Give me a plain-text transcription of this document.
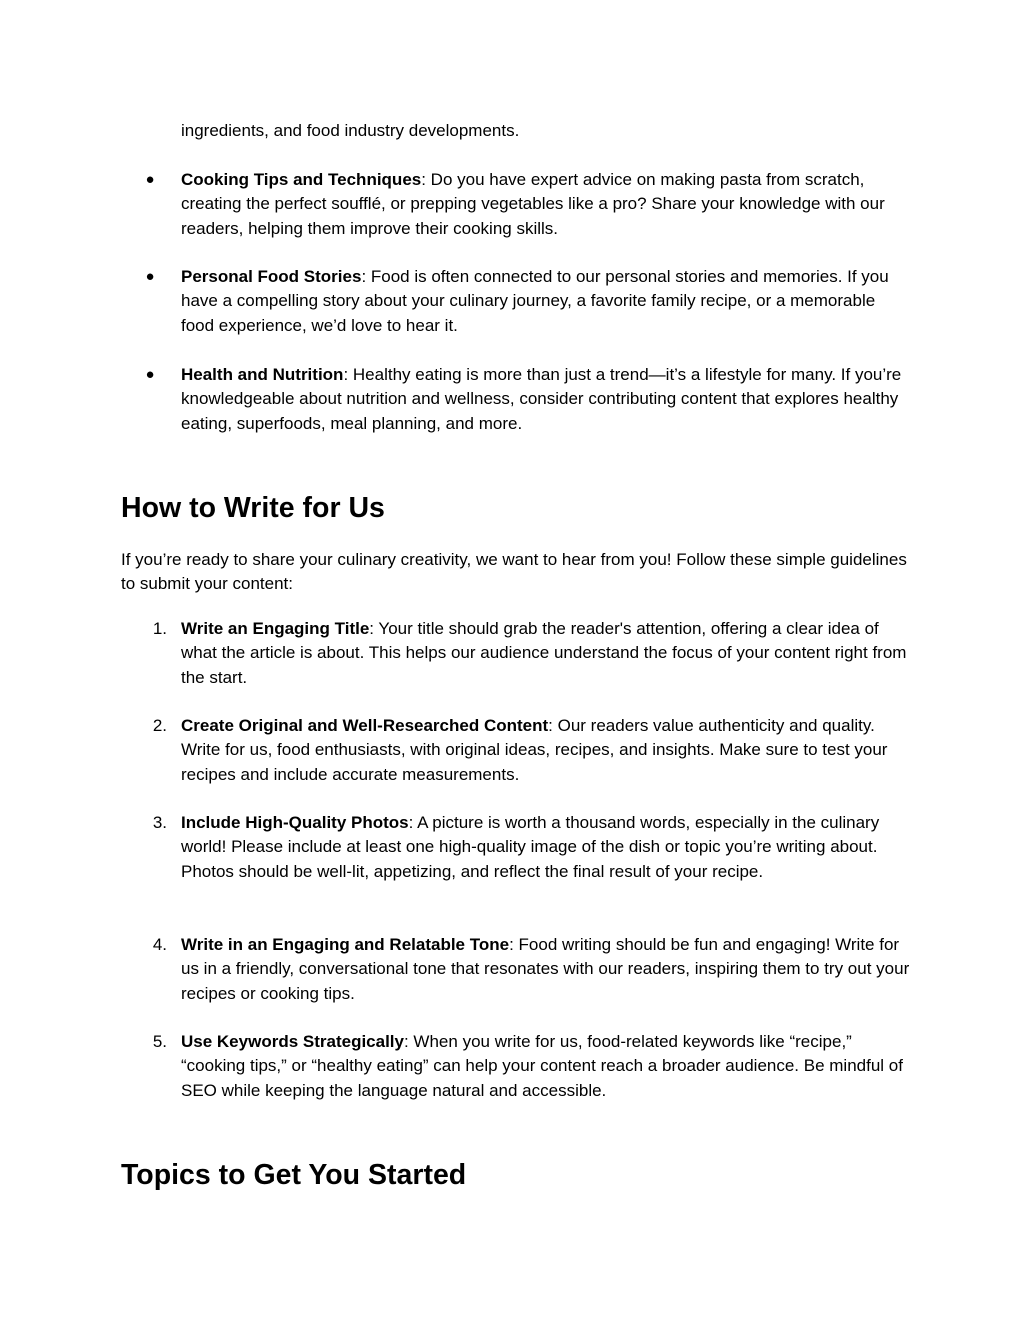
ingredients, and food industry developments.

●	Cooking Tips and Techniques: Do you have expert advice on making pasta from scratch, creating the perfect soufflé, or prepping vegetables like a pro? Share your knowledge with our readers, helping them improve their cooking skills.

●	Personal Food Stories: Food is often connected to our personal stories and memories. If you have a compelling story about your culinary journey, a favorite family recipe, or a memorable food experience, we’d love to hear it.

●	Health and Nutrition: Healthy eating is more than just a trend—it’s a lifestyle for many. If you’re knowledgeable about nutrition and wellness, consider contributing content that explores healthy eating, superfoods, meal planning, and more.

How to Write for Us

If you’re ready to share your culinary creativity, we want to hear from you! Follow these simple guidelines to submit your content:

1. Write an Engaging Title: Your title should grab the reader's attention, offering a clear idea of what the article is about. This helps our audience understand the focus of your content right from the start.

2. Create Original and Well-Researched Content: Our readers value authenticity and quality. Write for us, food enthusiasts, with original ideas, recipes, and insights. Make sure to test your recipes and include accurate measurements.

3. Include High-Quality Photos: A picture is worth a thousand words, especially in the culinary world! Please include at least one high-quality image of the dish or topic you’re writing about. Photos should be well-lit, appetizing, and reflect the final result of your recipe.

4. Write in an Engaging and Relatable Tone: Food writing should be fun and engaging! Write for us in a friendly, conversational tone that resonates with our readers, inspiring them to try out your recipes or cooking tips.

5. Use Keywords Strategically: When you write for us, food-related keywords like “recipe,” “cooking tips,” or “healthy eating” can help your content reach a broader audience. Be mindful of SEO while keeping the language natural and accessible.

Topics to Get You Started
